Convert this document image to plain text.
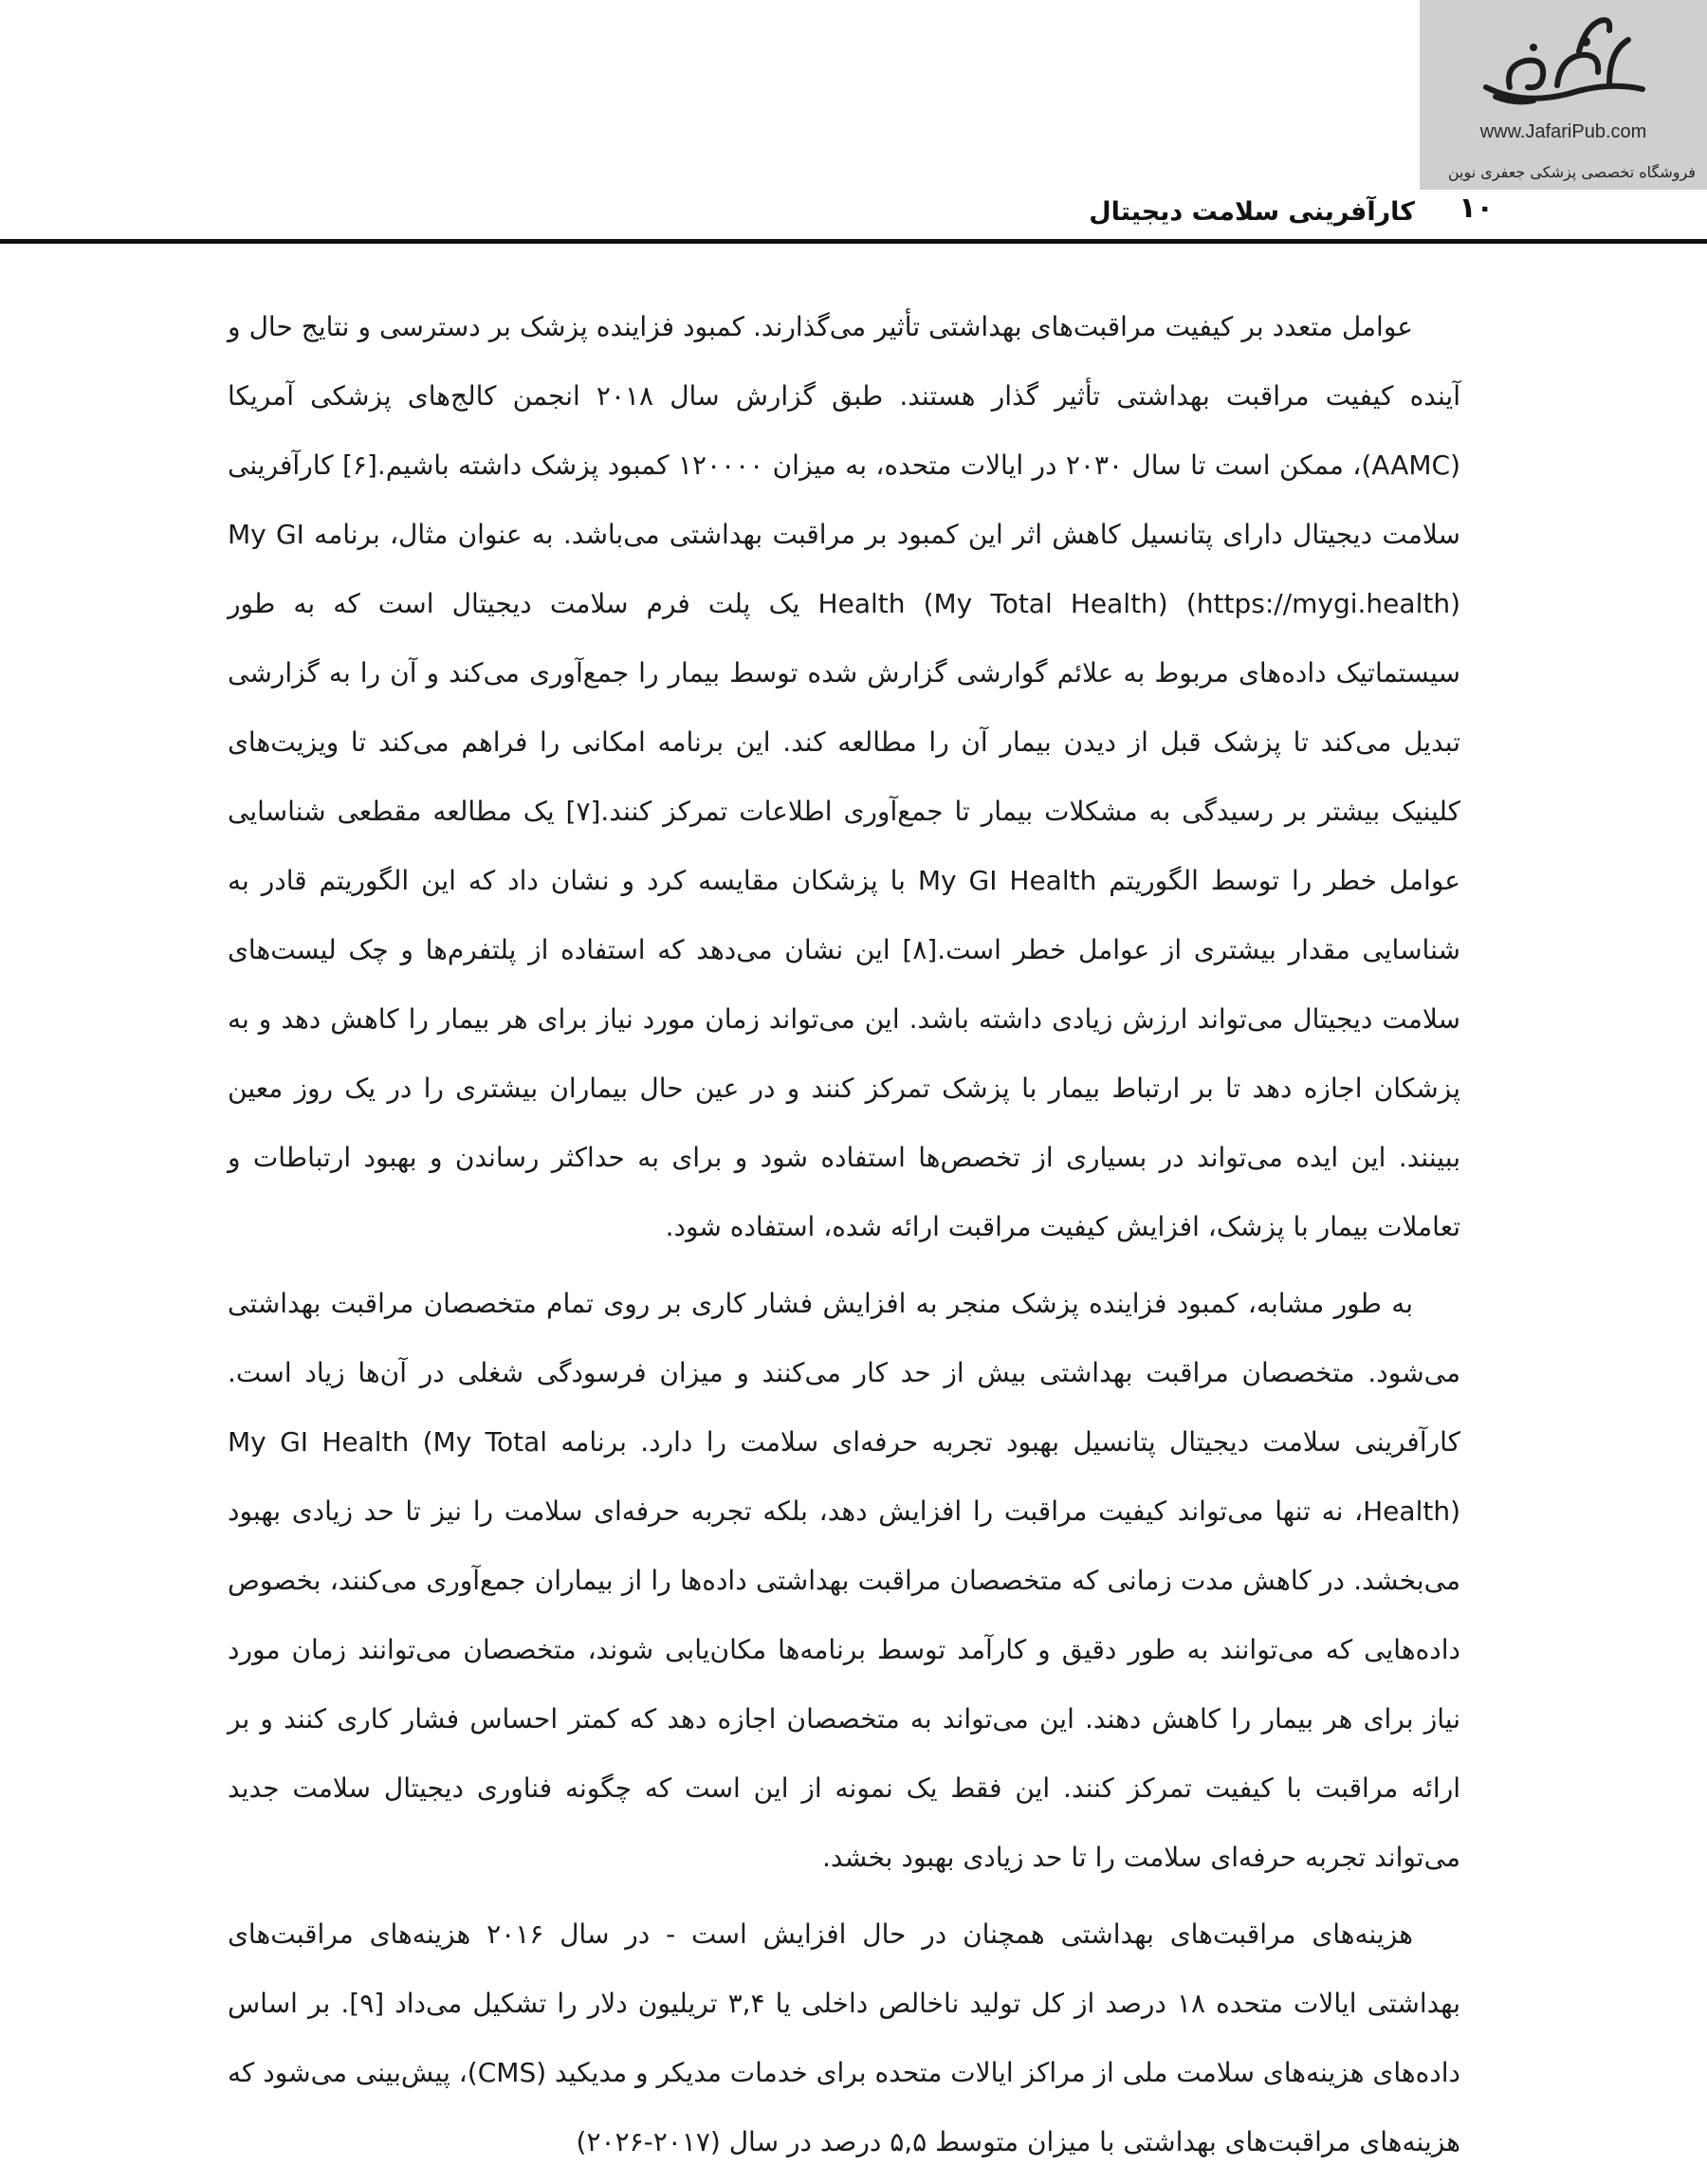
www.JafariPub.com
فروشگاه تخصصی پزشکی جعفری نوین
۱۰
کارآفرینی سلامت دیجیتال

عوامل متعدد بر کیفیت مراقبت‌های بهداشتی تأثیر می‌گذارند. کمبود فزاینده پزشک بر دسترسی و نتایج حال و آینده کیفیت مراقبت بهداشتی تأثیر گذار هستند. طبق گزارش سال ۲۰۱۸ انجمن کالج‌های پزشکی آمریکا (AAMC)، ممکن است تا سال ۲۰۳۰ در ایالات متحده، به میزان ۱۲۰۰۰۰ کمبود پزشک داشته باشیم.[۶] کارآفرینی سلامت دیجیتال دارای پتانسیل کاهش اثر این کمبود بر مراقبت بهداشتی می‌باشد. به عنوان مثال، برنامه My GI Health (My Total Health) (https://mygi.health) یک پلت فرم سلامت دیجیتال است که به طور سیستماتیک داده‌های مربوط به علائم گوارشی گزارش شده توسط بیمار را جمع‌آوری می‌کند و آن را به گزارشی تبدیل می‌کند تا پزشک قبل از دیدن بیمار آن را مطالعه کند. این برنامه امکانی را فراهم می‌کند تا ویزیت‌های کلینیک بیشتر بر رسیدگی به مشکلات بیمار تا جمع‌آوری اطلاعات تمرکز کنند.[۷] یک مطالعه مقطعی شناسایی عوامل خطر را توسط الگوریتم My GI Health با پزشکان مقایسه کرد و نشان داد که این الگوریتم قادر به شناسایی مقدار بیشتری از عوامل خطر است.[۸] این نشان می‌دهد که استفاده از پلتفرم‌ها و چک لیست‌های سلامت دیجیتال می‌تواند ارزش زیادی داشته باشد. این می‌تواند زمان مورد نیاز برای هر بیمار را کاهش دهد و به پزشکان اجازه دهد تا بر ارتباط بیمار با پزشک تمرکز کنند و در عین حال بیماران بیشتری را در یک روز معین ببینند. این ایده می‌تواند در بسیاری از تخصص‌ها استفاده شود و برای به حداکثر رساندن و بهبود ارتباطات و تعاملات بیمار با پزشک، افزایش کیفیت مراقبت ارائه شده، استفاده شود.

به طور مشابه، کمبود فزاینده پزشک منجر به افزایش فشار کاری بر روی تمام متخصصان مراقبت بهداشتی می‌شود. متخصصان مراقبت بهداشتی بیش از حد کار می‌کنند و میزان فرسودگی شغلی در آن‌ها زیاد است. کارآفرینی سلامت دیجیتال پتانسیل بهبود تجربه حرفه‌ای سلامت را دارد. برنامه My GI Health (My Total Health)، نه تنها می‌تواند کیفیت مراقبت را افزایش دهد، بلکه تجربه حرفه‌ای سلامت را نیز تا حد زیادی بهبود می‌بخشد. در کاهش مدت زمانی که متخصصان مراقبت بهداشتی داده‌ها را از بیماران جمع‌آوری می‌کنند، بخصوص داده‌هایی که می‌توانند به طور دقیق و کارآمد توسط برنامه‌ها مکان‌یابی شوند، متخصصان می‌توانند زمان مورد نیاز برای هر بیمار را کاهش دهند. این می‌تواند به متخصصان اجازه دهد که کمتر احساس فشار کاری کنند و بر ارائه مراقبت با کیفیت تمرکز کنند. این فقط یک نمونه از این است که چگونه فناوری دیجیتال سلامت جدید می‌تواند تجربه حرفه‌ای سلامت را تا حد زیادی بهبود بخشد.

هزینه‌های مراقبت‌های بهداشتی همچنان در حال افزایش است - در سال ۲۰۱۶ هزینه‌های مراقبت‌های بهداشتی ایالات متحده ۱۸ درصد از کل تولید ناخالص داخلی یا ۳,۴ تریلیون دلار را تشکیل می‌داد [۹]. بر اساس داده‌های هزینه‌های سلامت ملی از مراکز ایالات متحده برای خدمات مدیکر و مدیکید (CMS)، پیش‌بینی می‌شود که هزینه‌های مراقبت‌های بهداشتی با میزان متوسط ۵,۵ درصد در سال (۲۰۱۷-۲۰۲۶)
